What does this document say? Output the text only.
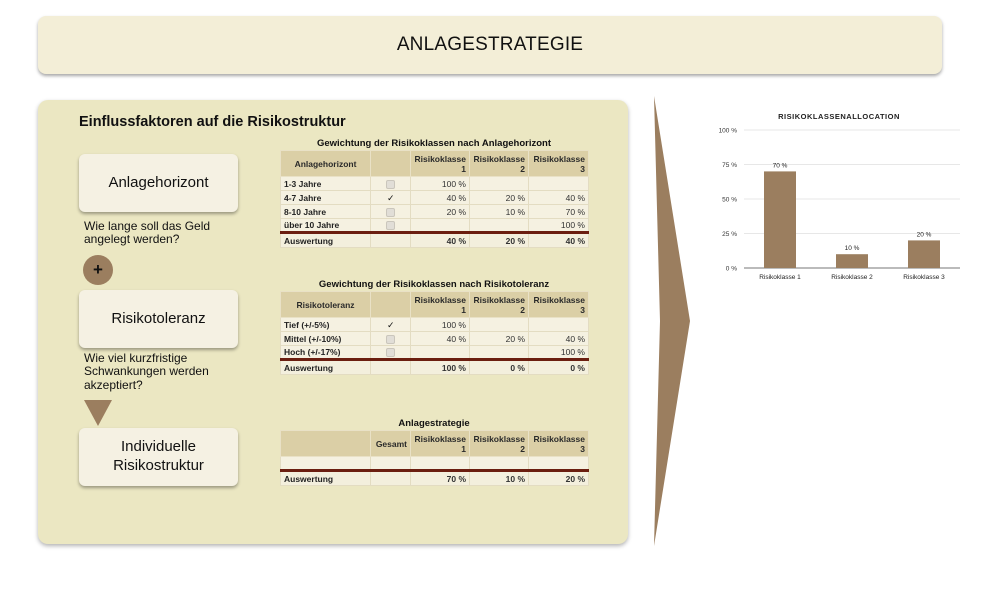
ANLAGESTRATEGIE
Einflussfaktoren auf die Risikostruktur
Anlagehorizont
Wie lange soll das Geld angelegt werden?
+
Risikotoleranz
Wie viel kurzfristige Schwankungen werden akzeptiert?
Individuelle Risikostruktur
Gewichtung der Risikoklassen nach Anlagehorizont
Anlagehorizont		Risikoklasse 1	Risikoklasse 2	Risikoklasse 3
1-3 Jahre		100 %		
4-7 Jahre	✓	40 %	20 %	40 %
8-10 Jahre		20 %	10 %	70 %
über 10 Jahre				100 %
Auswertung		40 %	20 %	40 %
Gewichtung der Risikoklassen nach Risikotoleranz
Risikotoleranz		Risikoklasse 1	Risikoklasse 2	Risikoklasse 3
Tief (+/-5%)	✓	100 %		
Mittel (+/-10%)		40 %	20 %	40 %
Hoch (+/-17%)				100 %
Auswertung		100 %	0 %	0 %
Anlagestrategie
	Gesamt	Risikoklasse 1	Risikoklasse 2	Risikoklasse 3

Auswertung		70 %	10 %	20 %
RISIKOKLASSENALLOCATION
0 %
25 %
50 %
75 %
100 %
70 %
Risikoklasse 1
10 %
Risikoklasse 2
20 %
Risikoklasse 3
